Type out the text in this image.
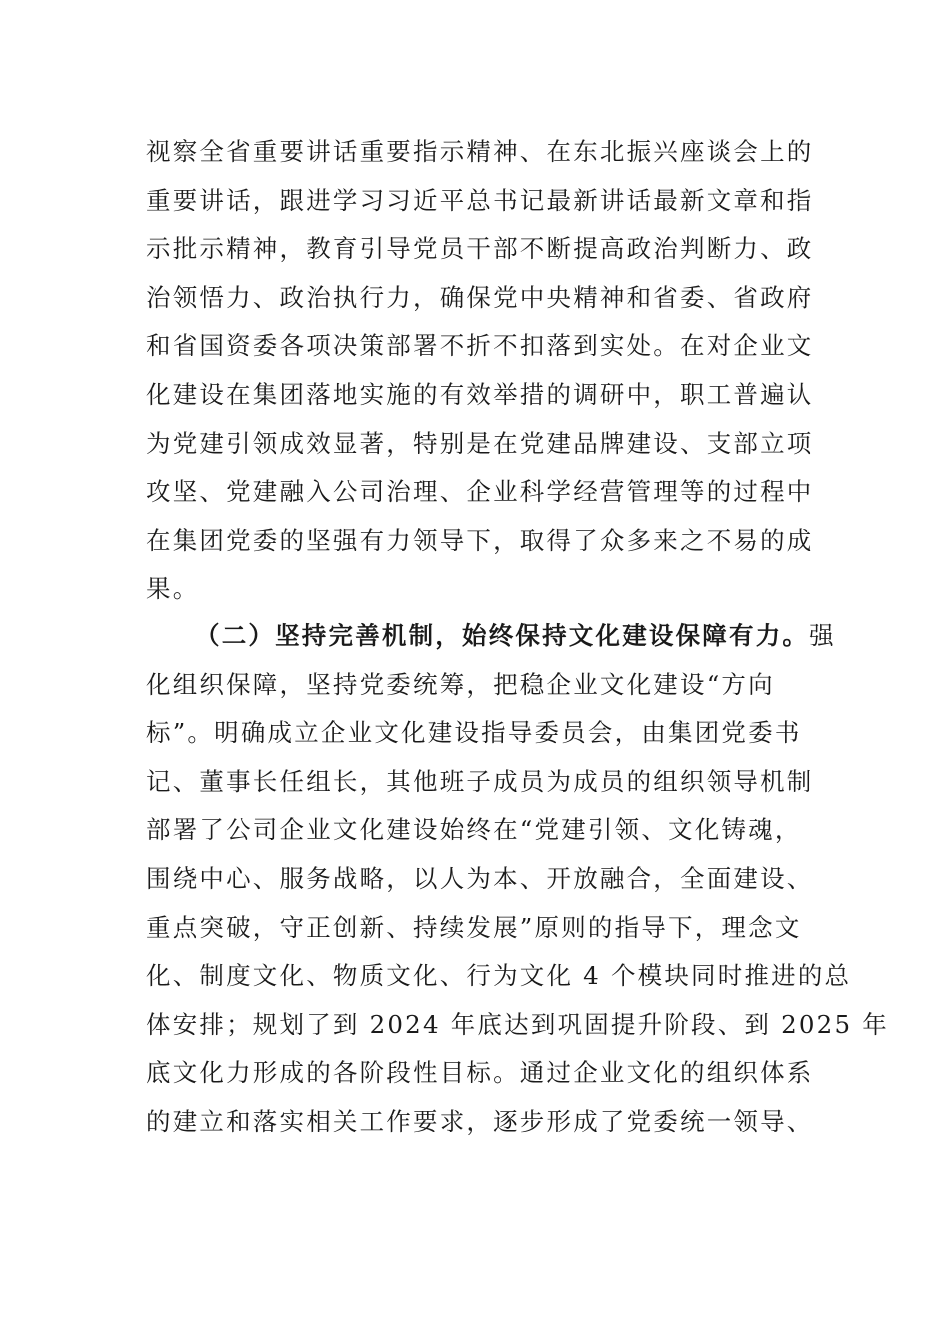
视察全省重要讲话重要指示精神、在东北振兴座谈会上的
重要讲话，跟进学习习近平总书记最新讲话最新文章和指
示批示精神，教育引导党员干部不断提高政治判断力、政
治领悟力、政治执行力，确保党中央精神和省委、省政府
和省国资委各项决策部署不折不扣落到实处。在对企业文
化建设在集团落地实施的有效举措的调研中，职工普遍认
为党建引领成效显著，特别是在党建品牌建设、支部立项
攻坚、党建融入公司治理、企业科学经营管理等的过程中
在集团党委的坚强有力领导下，取得了众多来之不易的成
果。
（二）坚持完善机制，始终保持文化建设保障有力。强
化组织保障，坚持党委统筹，把稳企业文化建设“方向
标”。明确成立企业文化建设指导委员会，由集团党委书
记、董事长任组长，其他班子成员为成员的组织领导机制
部署了公司企业文化建设始终在“党建引领、文化铸魂，
围绕中心、服务战略，以人为本、开放融合，全面建设、
重点突破，守正创新、持续发展”原则的指导下，理念文
化、制度文化、物质文化、行为文化 4 个模块同时推进的总
体安排；规划了到 2024 年底达到巩固提升阶段、到 2025 年
底文化力形成的各阶段性目标。通过企业文化的组织体系
的建立和落实相关工作要求，逐步形成了党委统一领导、
